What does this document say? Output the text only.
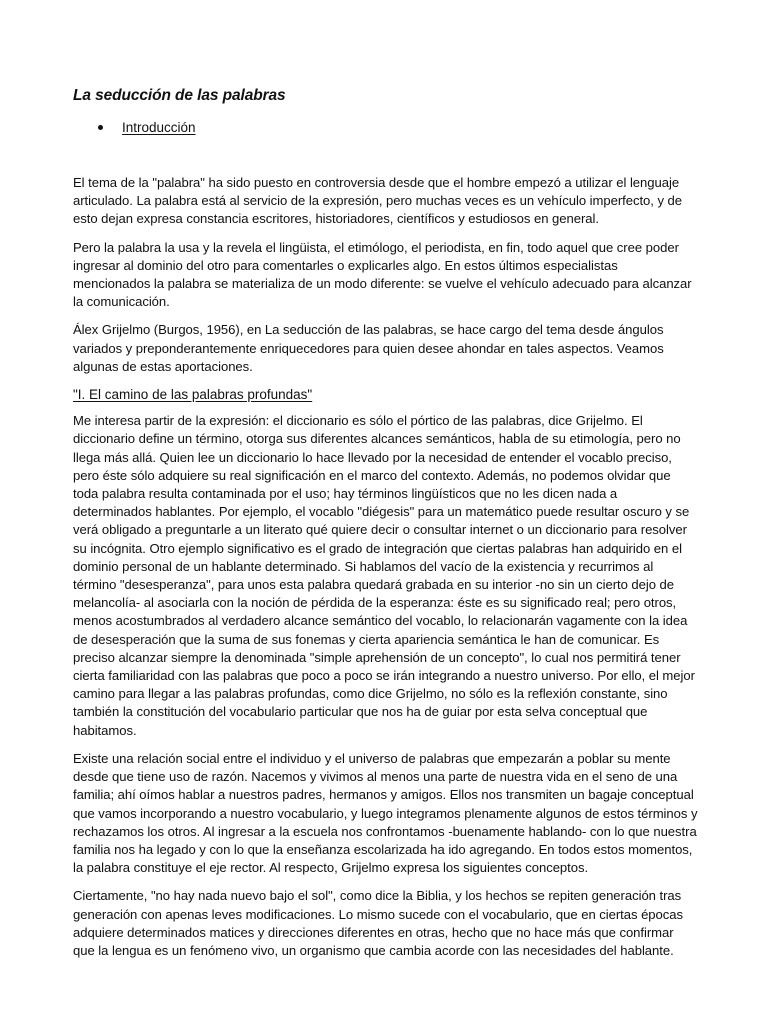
La seducción de las palabras
Introducción

El tema de la "palabra" ha sido puesto en controversia desde que el hombre empezó a utilizar el lenguaje articulado. La palabra está al servicio de la expresión, pero muchas veces es un vehículo imperfecto, y de esto dejan expresa constancia escritores, historiadores, científicos y estudiosos en general.

Pero la palabra la usa y la revela el lingüista, el etimólogo, el periodista, en fin, todo aquel que cree poder ingresar al dominio del otro para comentarles o explicarles algo. En estos últimos especialistas mencionados la palabra se materializa de un modo diferente: se vuelve el vehículo adecuado para alcanzar la comunicación.

Álex Grijelmo (Burgos, 1956), en La seducción de las palabras, se hace cargo del tema desde ángulos variados y preponderantemente enriquecedores para quien desee ahondar en tales aspectos. Veamos algunas de estas aportaciones.

"I. El camino de las palabras profundas"

Me interesa partir de la expresión: el diccionario es sólo el pórtico de las palabras, dice Grijelmo. El diccionario define un término, otorga sus diferentes alcances semánticos, habla de su etimología, pero no llega más allá. Quien lee un diccionario lo hace llevado por la necesidad de entender el vocablo preciso, pero éste sólo adquiere su real significación en el marco del contexto. Además, no podemos olvidar que toda palabra resulta contaminada por el uso; hay términos lingüísticos que no les dicen nada a determinados hablantes. Por ejemplo, el vocablo "diégesis" para un matemático puede resultar oscuro y se verá obligado a preguntarle a un literato qué quiere decir o consultar internet o un diccionario para resolver su incógnita. Otro ejemplo significativo es el grado de integración que ciertas palabras han adquirido en el dominio personal de un hablante determinado. Si hablamos del vacío de la existencia y recurrimos al término "desesperanza", para unos esta palabra quedará grabada en su interior -no sin un cierto dejo de melancolía- al asociarla con la noción de pérdida de la esperanza: éste es su significado real; pero otros, menos acostumbrados al verdadero alcance semántico del vocablo, lo relacionarán vagamente con la idea de desesperación que la suma de sus fonemas y cierta apariencia semántica le han de comunicar. Es preciso alcanzar siempre la denominada "simple aprehensión de un concepto", lo cual nos permitirá tener cierta familiaridad con las palabras que poco a poco se irán integrando a nuestro universo. Por ello, el mejor camino para llegar a las palabras profundas, como dice Grijelmo, no sólo es la reflexión constante, sino también la constitución del vocabulario particular que nos ha de guiar por esta selva conceptual que habitamos.

Existe una relación social entre el individuo y el universo de palabras que empezarán a poblar su mente desde que tiene uso de razón. Nacemos y vivimos al menos una parte de nuestra vida en el seno de una familia; ahí oímos hablar a nuestros padres, hermanos y amigos. Ellos nos transmiten un bagaje conceptual que vamos incorporando a nuestro vocabulario, y luego integramos plenamente algunos de estos términos y rechazamos los otros. Al ingresar a la escuela nos confrontamos -buenamente hablando- con lo que nuestra familia nos ha legado y con lo que la enseñanza escolarizada ha ido agregando. En todos estos momentos, la palabra constituye el eje rector. Al respecto, Grijelmo expresa los siguientes conceptos.

Ciertamente, "no hay nada nuevo bajo el sol", como dice la Biblia, y los hechos se repiten generación tras generación con apenas leves modificaciones. Lo mismo sucede con el vocabulario, que en ciertas épocas adquiere determinados matices y direcciones diferentes en otras, hecho que no hace más que confirmar que la lengua es un fenómeno vivo, un organismo que cambia acorde con las necesidades del hablante.
